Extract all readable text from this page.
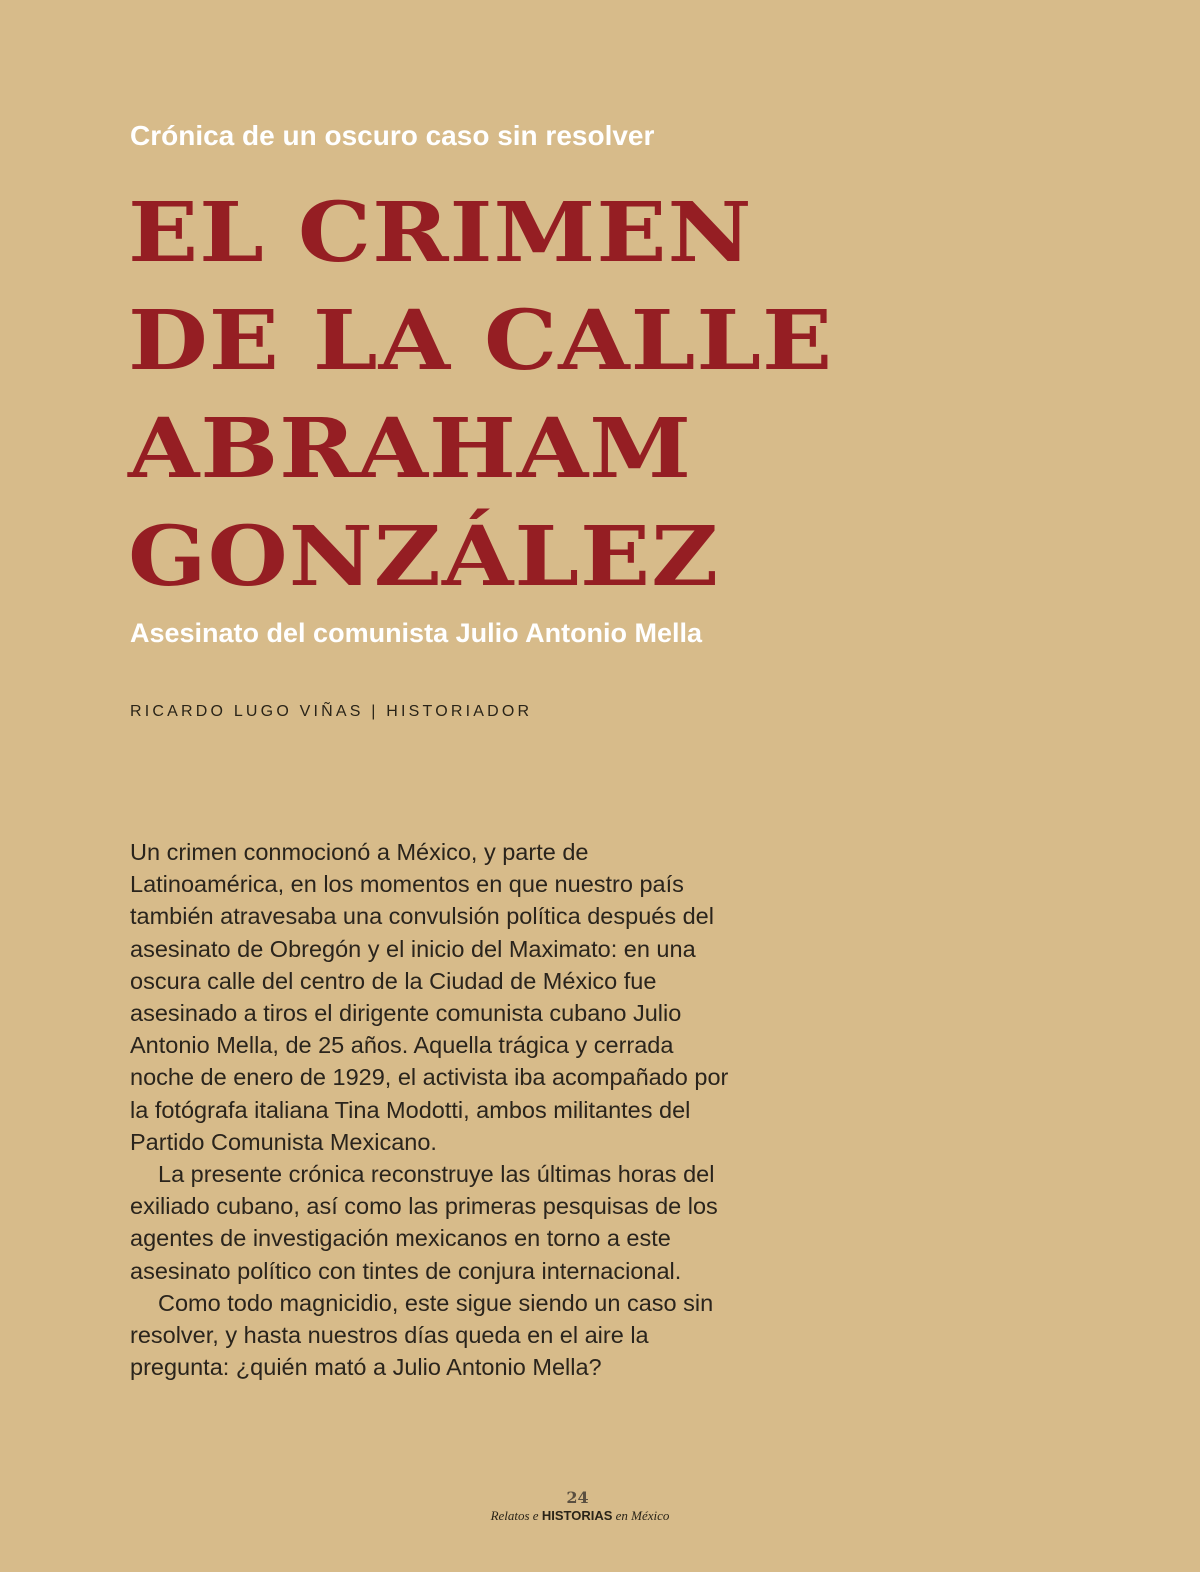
Crónica de un oscuro caso sin resolver
EL CRIMEN
DE LA CALLE
ABRAHAM
GONZÁLEZ
Asesinato del comunista Julio Antonio Mella
RICARDO LUGO VIÑAS | HISTORIADOR

Un crimen conmocionó a México, y parte de Latinoamérica, en los momentos en que nuestro país también atravesaba una convulsión política después del asesinato de Obregón y el inicio del Maximato: en una oscura calle del centro de la Ciudad de México fue asesinado a tiros el dirigente comunista cubano Julio Antonio Mella, de 25 años. Aquella trágica y cerrada noche de enero de 1929, el activista iba acompañado por la fotógrafa italiana Tina Modotti, ambos militantes del Partido Comunista Mexicano.

La presente crónica reconstruye las últimas horas del exiliado cubano, así como las primeras pesquisas de los agentes de investigación mexicanos en torno a este asesinato político con tintes de conjura internacional.

Como todo magnicidio, este sigue siendo un caso sin resolver, y hasta nuestros días queda en el aire la pregunta: ¿quién mató a Julio Antonio Mella?

24
Relatos e HISTORIAS en México
